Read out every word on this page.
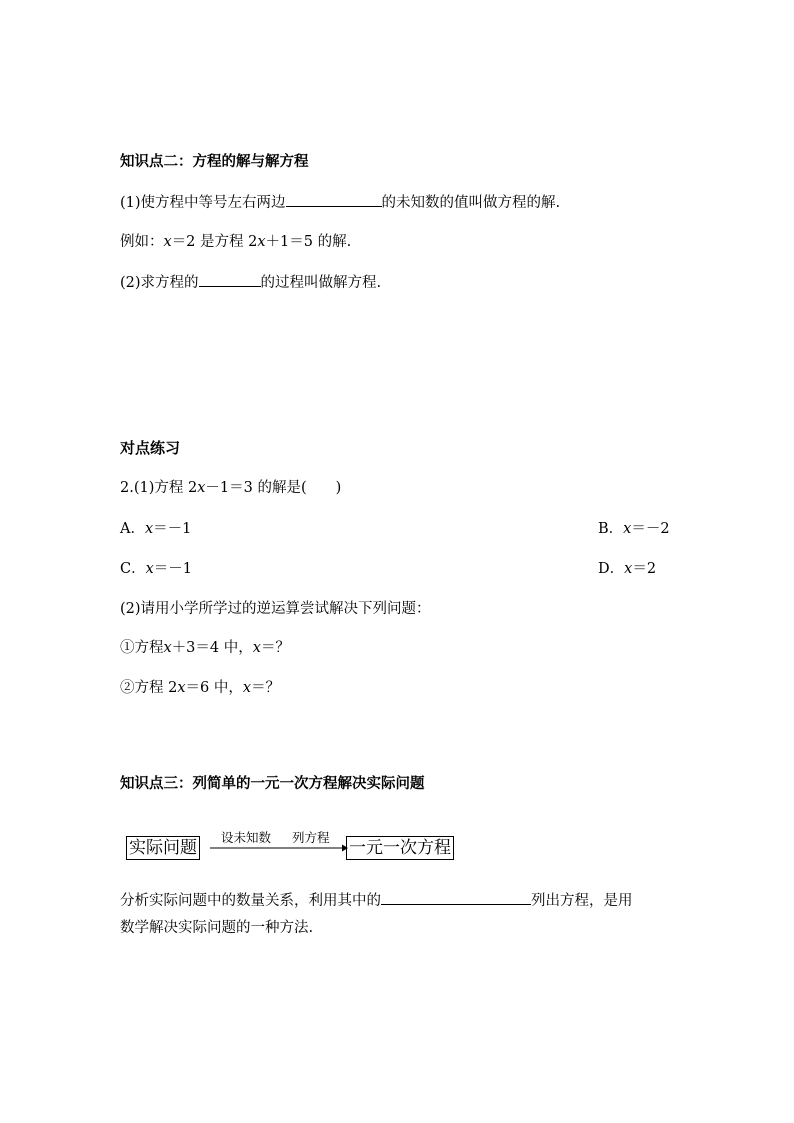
知识点二：方程的解与解方程
(1)使方程中等号左右两边	的未知数的值叫做方程的解.
例如：x＝2 是方程 2x＋1＝5 的解.
(2)求方程的	的过程叫做解方程.
对点练习
2.(1)方程 2x－1＝3 的解是(　　)
A．x＝－1	B．x＝－2
C．x＝－1	D．x＝2
(2)请用小学所学过的逆运算尝试解决下列问题：
①方程x＋3＝4 中，x＝？
②方程 2x＝6 中，x＝？
知识点三：列简单的一元一次方程解决实际问题
实际问题
设未知数 列方程
一元一次方程
分析实际问题中的数量关系，利用其中的	列出方程，是用
数学解决实际问题的一种方法.
